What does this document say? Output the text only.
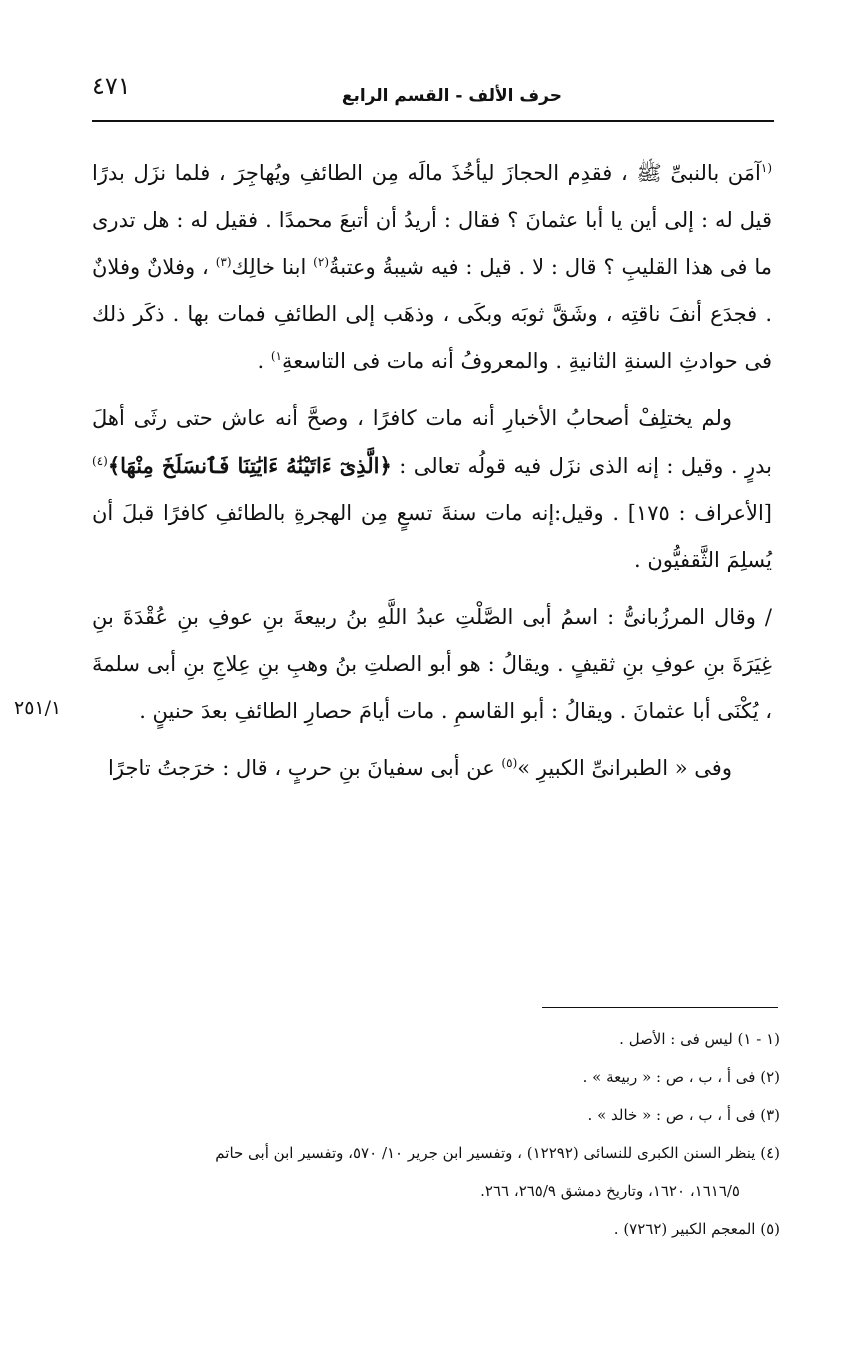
٤٧١	حرف الألف - القسم الرابع
٢٥١/١

$^{(١}$آمَن بالنبىِّ ﷺ ، فقدِم الحجازَ ليأخُذَ مالَه مِن الطائفِ ويُهاجِرَ ، فلما نزَل بدرًا قيل له : إلى أين يا أبا عثمانَ ؟ فقال : أريدُ أن أتبعَ محمدًا . فقيل له : هل تدرى ما فى هذا القليبِ ؟ قال : لا . قيل : فيه شيبةُ وعتبةُ$^{(٢)}$ ابنا خالِك$^{(٣)}$ ، وفلانٌ وفلانٌ . فجدَع أنفَ ناقتِه ، وشَقَّ ثوبَه وبكَى ، وذهَب إلى الطائفِ فمات بها . ذكَر ذلك فى حوادثِ السنةِ الثانيةِ . والمعروفُ أنه مات فى التاسعةِ$^{١)}$ .

ولم يختلِفْ أصحابُ الأخبارِ أنه مات كافرًا ، وصحَّ أنه عاش حتى رثَى أهلَ بدرٍ . وقيل : إنه الذى نزَل فيه قولُه تعالى : ﴿الَّذِىٓ ءَاتَيْنَٰهُ ءَايَٰتِنَا فَٱنسَلَخَ مِنْهَا﴾$^{(٤)}$ [الأعراف : ١٧٥] . وقيل:إنه مات سنةَ تسعٍ مِن الهجرةِ بالطائفِ كافرًا قبلَ أن يُسلِمَ الثَّقفيُّون .

/ وقال المرزُبانىُّ : اسمُ أبى الصَّلْتِ عبدُ اللَّهِ بنُ ربيعةَ بنِ عوفِ بنِ عُقْدَةَ بنِ غِيَرَةَ بنِ عوفِ بنِ ثقيفٍ . ويقالُ : هو أبو الصلتِ بنُ وهبِ بنِ عِلاجِ بنِ أبى سلمةَ ، يُكْنَى أبا عثمانَ . ويقالُ : أبو القاسمِ . مات أيامَ حصارِ الطائفِ بعدَ حنينٍ .

وفى « الطبرانىِّ الكبيرِ »$^{(٥)}$ عن أبى سفيانَ بنِ حربٍ ، قال : خرَجتُ تاجرًا

(١ - ١) ليس فى : الأصل .
(٢) فى أ ، ب ، ص : « ربيعة » .
(٣) فى أ ، ب ، ص : « خالد » .
(٤) ينظر السنن الكبرى للنسائى (١٢٢٩٢) ، وتفسير ابن جرير ١٠/ ٥٧٠، وتفسير ابن أبى حاتم
١٦١٦/٥، ١٦٢٠، وتاريخ دمشق ٢٦٥/٩، ٢٦٦.
(٥) المعجم الكبير (٧٢٦٢) .
